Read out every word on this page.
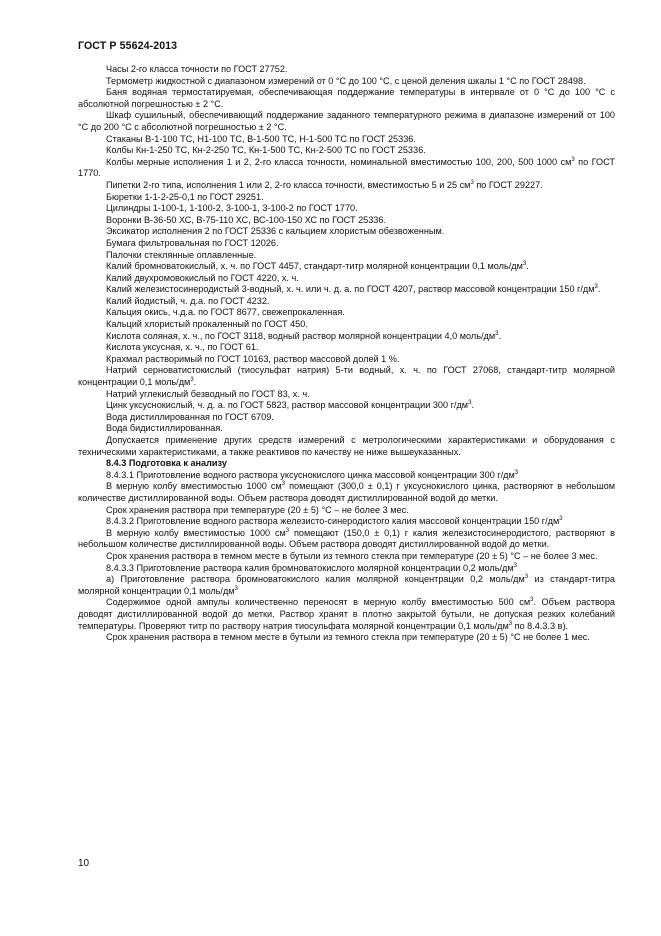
ГОСТ Р 55624-2013

Часы 2-го класса точности по ГОСТ 27752.

Термометр жидкостной с диапазоном измерений от 0 °С до 100 °С, с ценой деления шкалы 1 °С по ГОСТ 28498.

Баня водяная термостатируемая, обеспечивающая поддержание температуры в интервале от 0 °С до 100 °С с абсолютной погрешностью ± 2 °С.

Шкаф сушильный, обеспечивающий поддержание заданного температурного режима в диапазоне измерений от 100 °С до 200 °С с абсолютной погрешностью ± 2 °С.

Стаканы В-1-100 ТС, Н1-100 ТС, В-1-500 ТС, Н-1-500 ТС по ГОСТ 25336.

Колбы Кн-1-250 ТС, Кн-2-250 ТС, Кн-1-500 ТС, Кн-2-500 ТС по ГОСТ 25336.

Колбы мерные исполнения 1 и 2, 2-го класса точности, номинальной вместимостью 100, 200, 500 1000 $см^3$ по ГОСТ 1770.

Пипетки 2-го типа, исполнения 1 или 2, 2-го класса точности, вместимостью 5 и 25 $см^3$ по ГОСТ 29227.

Бюретки 1-1-2-25-0,1 по ГОСТ 29251.

Цилиндры 1-100-1, 1-100-2, 3-100-1, 3-100-2 по ГОСТ 1770.

Воронки В-36-50 ХС, В-75-110 ХС, ВС-100-150 ХС по ГОСТ 25336.

Эксикатор исполнения 2 по ГОСТ 25336 с кальцием хлористым обезвоженным.

Бумага фильтровальная по ГОСТ 12026.

Палочки стеклянные оплавленные.

Калий бромноватокислый, х. ч. по ГОСТ 4457, стандарт-титр молярной концентрации 0,1 моль/$дм^3$.

Калий двухромовокислый по ГОСТ 4220, х. ч.

Калий железистосинеродистый 3-водный, х. ч. или ч. д. а. по ГОСТ 4207, раствор массовой концентрации 150 $г/дм^3$.

Калий йодистый, ч. д.а. по ГОСТ 4232.

Кальция окись, ч.д.а. по ГОСТ 8677, свежепрокаленная.

Кальций хлористый прокаленный по ГОСТ 450.

Кислота соляная, х. ч., по ГОСТ 3118, водный раствор молярной концентрации 4,0 моль/$дм^3$.

Кислота уксусная, х. ч., по ГОСТ 61.

Крахмал растворимый по ГОСТ 10163, раствор массовой долей 1 %.

Натрий серноватистокислый (тиосульфат натрия) 5-ти водный, х. ч. по ГОСТ 27068, стандарт-титр молярной концентрации 0,1 моль/$дм^3$.

Натрий углекислый безводный по ГОСТ 83, х. ч.

Цинк уксуснокислый, ч. д. а. по ГОСТ 5823, раствор массовой концентрации 300 $г/дм^3$.

Вода дистиллированная по ГОСТ 6709.

Вода бидистиллированная.

Допускается применение других средств измерений с метрологическими характеристиками и оборудования с техническими характеристиками, а также реактивов по качеству не ниже вышеуказанных.

8.4.3 Подготовка к анализу

8.4.3.1 Приготовление водного раствора уксуснокислого цинка массовой концентрации 300 $г/дм^3$

В мерную колбу вместимостью 1000 $см^3$ помещают (300,0 ± 0,1) г уксуснокислого цинка, растворяют в небольшом количестве дистиллированной воды. Объем раствора доводят дистиллированной водой до метки.

Срок хранения раствора при температуре (20 ± 5) °С – не более 3 мес.

8.4.3.2 Приготовление водного раствора железисто-синеродистого калия массовой концентрации 150 $г/дм^3$

В мерную колбу вместимостью 1000 $см^3$ помещают (150,0 ± 0,1) г калия железистосинеродистого, растворяют в небольшом количестве дистиллированной воды. Объем раствора доводят дистиллированной водой до метки.

Срок хранения раствора в темном месте в бутыли из темного стекла при температуре (20 ± 5) °С – не более 3 мес.

8.4.3.3 Приготовление раствора калия бромноватокислого молярной концентрации 0,2 моль/$дм^3$

а) Приготовление раствора бромноватокислого калия молярной концентрации 0,2 моль/$дм^3$ из стандарт-титра молярной концентрации 0,1 моль/$дм^3$

Содержимое одной ампулы количественно переносят в мерную колбу вместимостью 500 $см^3$. Объем раствора доводят дистиллированной водой до метки. Раствор хранят в плотно закрытой бутыли, не допуская резких колебаний температуры. Проверяют титр по раствору натрия тиосульфата молярной концентрации 0,1 моль/$дм^3$ по 8.4.3.3 в).

Срок хранения раствора в темном месте в бутыли из темного стекла при температуре (20 ± 5) °С не более 1 мес.

10
